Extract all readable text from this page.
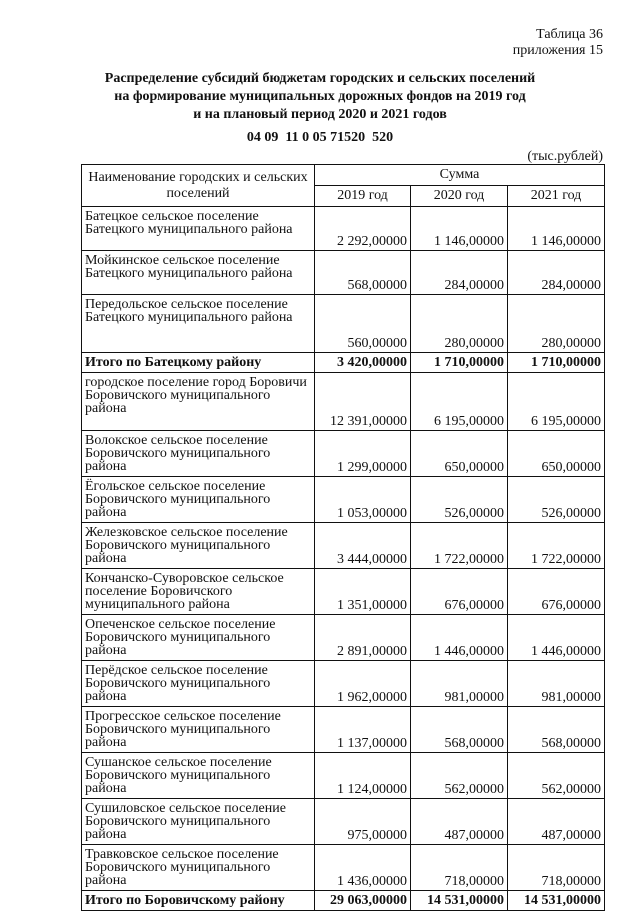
Таблица 36
приложения 15
Распределение субсидий бюджетам городских и сельских поселений
на формирование муниципальных дорожных фондов на 2019 год
и на плановый период 2020 и 2021 годов
04 09  11 0 05 71520  520
(тыс.рублей)
Наименование городских и сельских поселений	Сумма		
	2019 год	2020 год	2021 год
Батецкое сельское поселение Батецкого муниципального района	2 292,00000	1 146,00000	1 146,00000
Мойкинское сельское поселение Батецкого муниципального района	568,00000	284,00000	284,00000
Передольское сельское поселение Батецкого муниципального района	560,00000	280,00000	280,00000
Итого по Батецкому району	3 420,00000	1 710,00000	1 710,00000
городское поселение город Боровичи Боровичского муниципального района	12 391,00000	6 195,00000	6 195,00000
Волокское сельское поселение Боровичского муниципального района	1 299,00000	650,00000	650,00000
Ёгольское сельское поселение Боровичского муниципального района	1 053,00000	526,00000	526,00000
Железковское сельское поселение Боровичского муниципального района	3 444,00000	1 722,00000	1 722,00000
Кончанско-Суворовское сельское поселение Боровичского муниципального района	1 351,00000	676,00000	676,00000
Опеченское сельское поселение Боровичского муниципального района	2 891,00000	1 446,00000	1 446,00000
Перёдское сельское поселение Боровичского муниципального района	1 962,00000	981,00000	981,00000
Прогресское сельское поселение Боровичского муниципального района	1 137,00000	568,00000	568,00000
Сушанское сельское поселение Боровичского муниципального района	1 124,00000	562,00000	562,00000
Сушиловское сельское поселение Боровичского муниципального района	975,00000	487,00000	487,00000
Травковское сельское поселение Боровичского муниципального района	1 436,00000	718,00000	718,00000
Итого по Боровичскому району	29 063,00000	14 531,00000	14 531,00000
